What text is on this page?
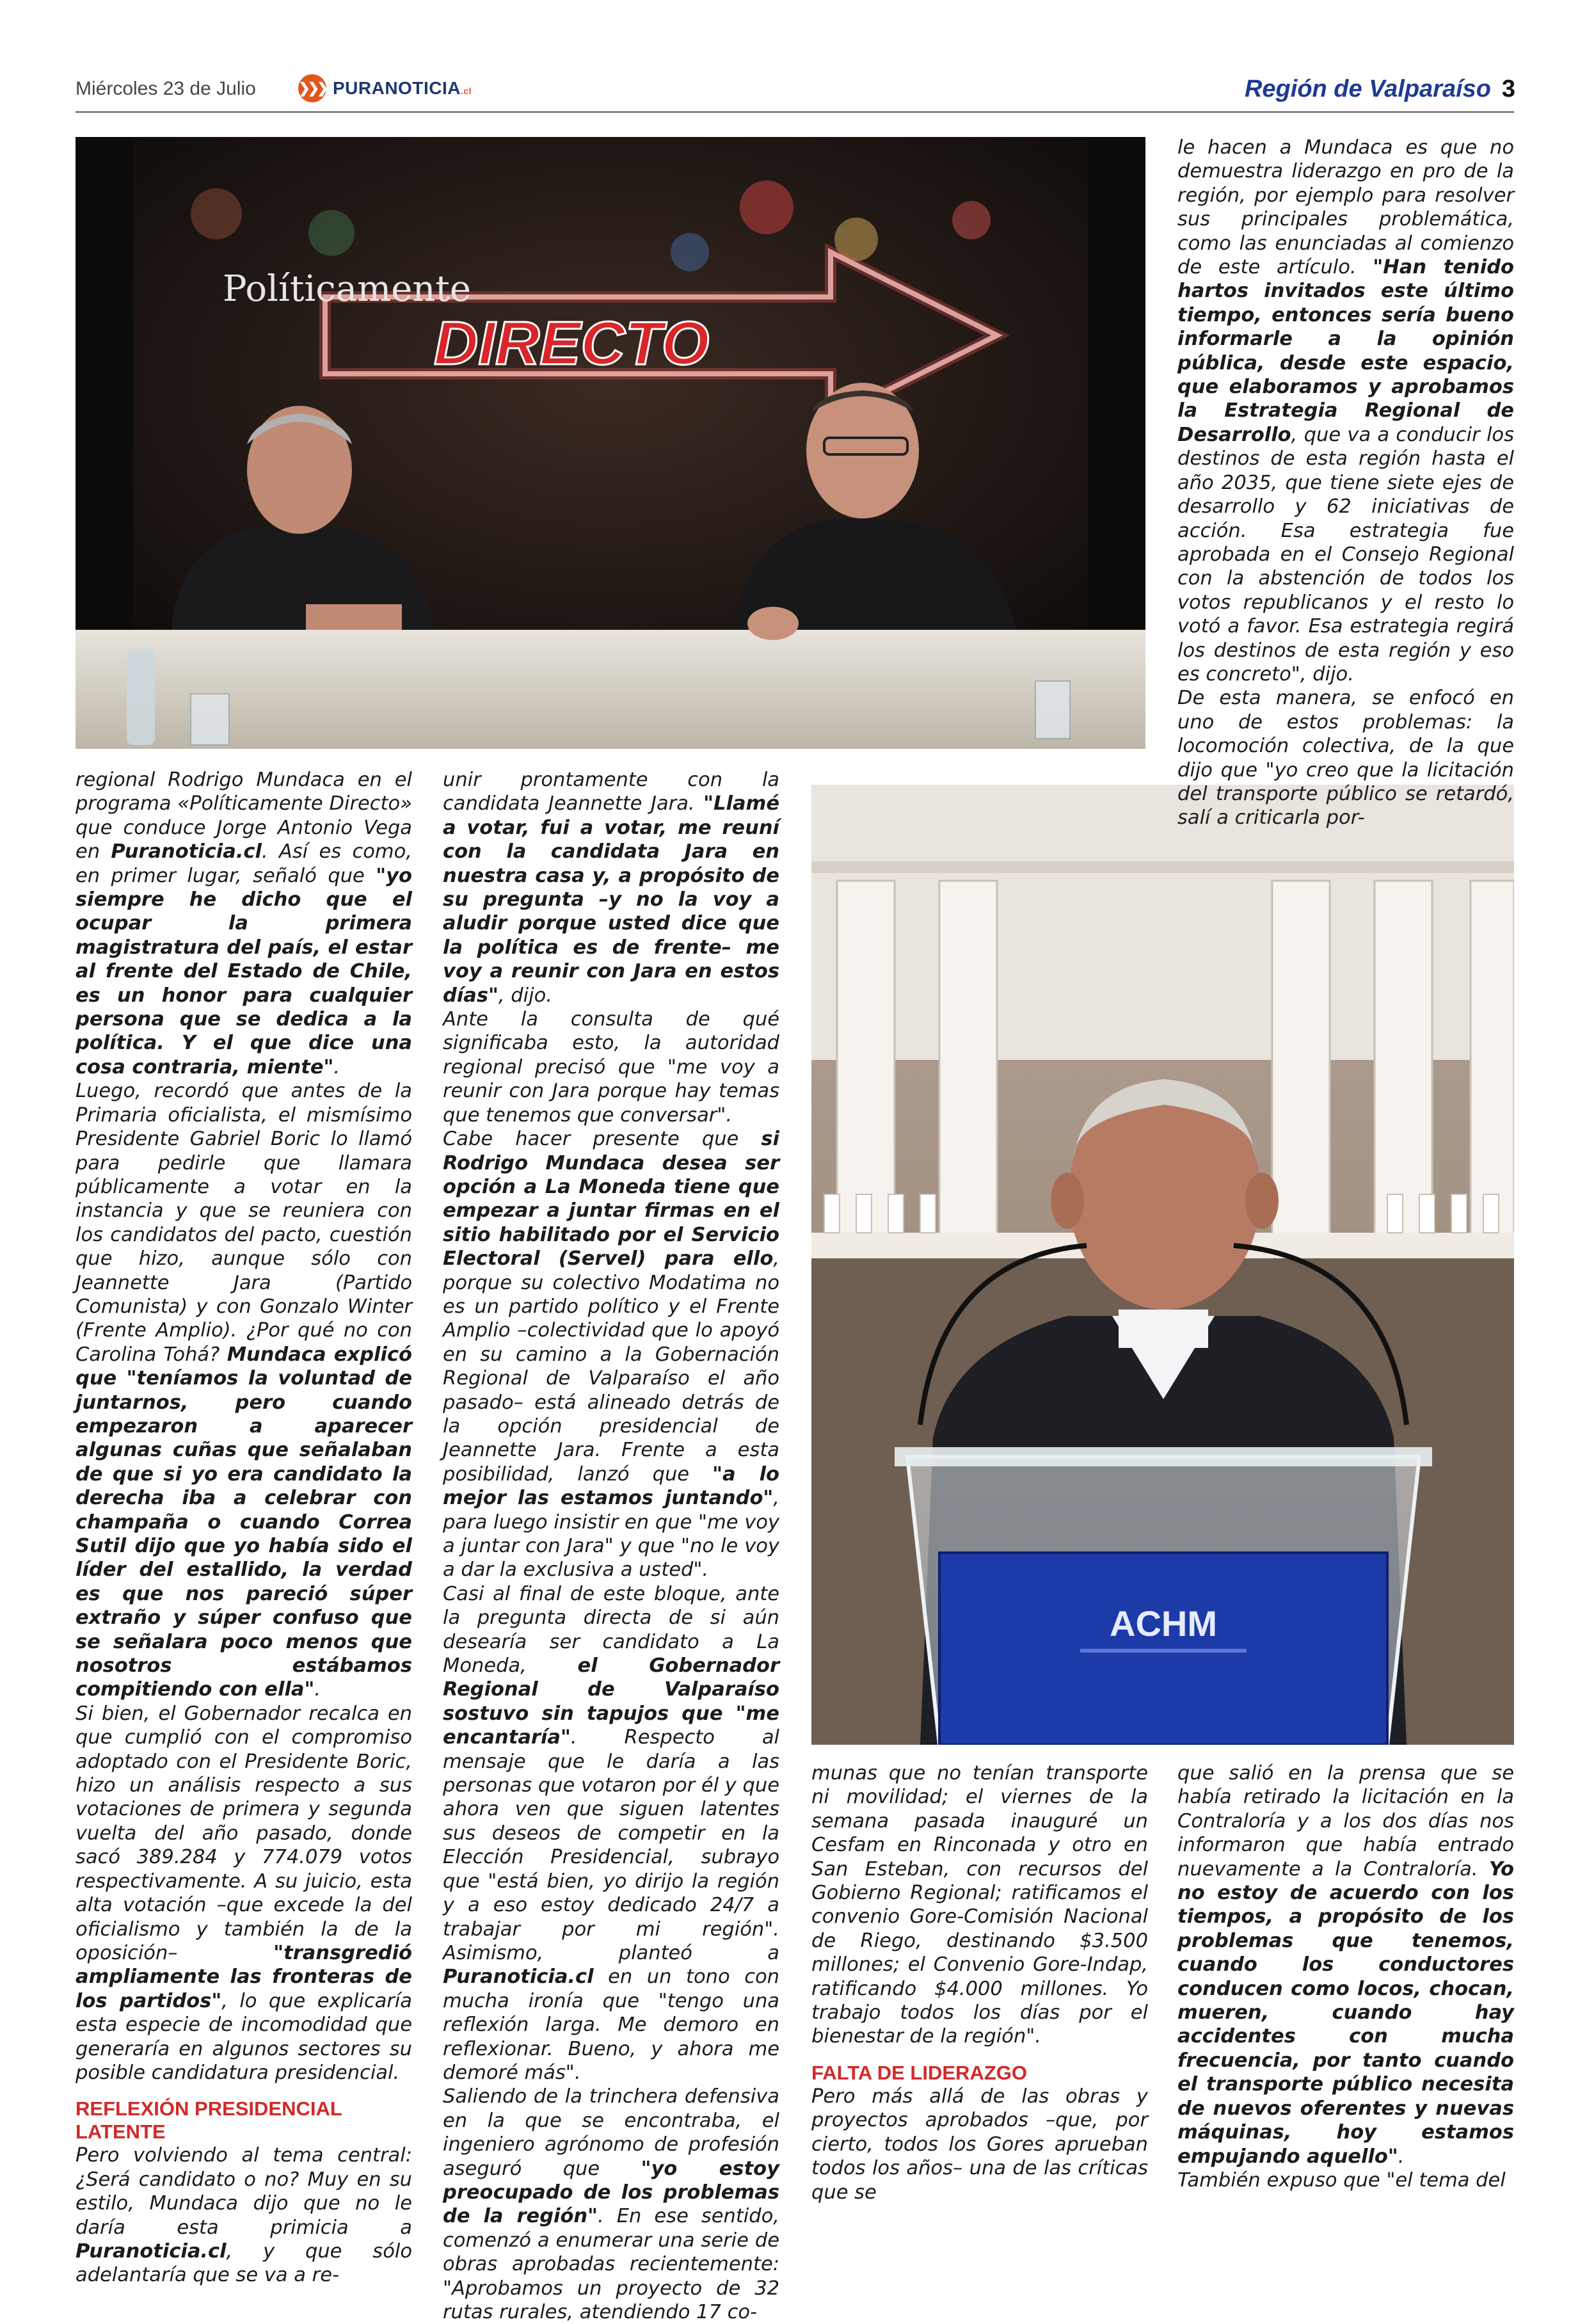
Miércoles 23 de Julio	❯❯❯ PURANOTICIA.cl	Región de Valparaíso 3
Políticamente
DIRECTO
ACHM

le hacen a Mundaca es que no demuestra liderazgo en pro de la región, por ejemplo para resolver sus principales problemática, como las enunciadas al comienzo de este artículo. "Han tenido hartos invitados este último tiempo, entonces sería bueno informarle a la opinión pública, desde este espacio, que elaboramos y aprobamos la Estrategia Regional de Desarrollo, que va a conducir los destinos de esta región hasta el año 2035, que tiene siete ejes de desarrollo y 62 iniciativas de acción. Esa estrategia fue aprobada en el Consejo Regional con la abstención de todos los votos republicanos y el resto lo votó a favor. Esa estrategia regirá los destinos de esta región y eso es concreto", dijo.
De esta manera, se enfocó en uno de estos problemas: la locomoción colectiva, de la que dijo que "yo creo que la licitación del transporte público se retardó, salí a criticarla por-

regional Rodrigo Mundaca en el programa «Políticamente Directo» que conduce Jorge Antonio Vega en Puranoticia.cl. Así es como, en primer lugar, señaló que "yo siempre he dicho que el ocupar la primera magistratura del país, el estar al frente del Estado de Chile, es un honor para cualquier persona que se dedica a la política. Y el que dice una cosa contraria, miente".
Luego, recordó que antes de la Primaria oficialista, el mismísimo Presidente Gabriel Boric lo llamó para pedirle que llamara públicamente a votar en la instancia y que se reuniera con los candidatos del pacto, cuestión que hizo, aunque sólo con Jeannette Jara (Partido Comunista) y con Gonzalo Winter (Frente Amplio). ¿Por qué no con Carolina Tohá? Mundaca explicó que "teníamos la voluntad de juntarnos, pero cuando empezaron a aparecer algunas cuñas que señalaban de que si yo era candidato la derecha iba a celebrar con champaña o cuando Correa Sutil dijo que yo había sido el líder del estallido, la verdad es que nos pareció súper extraño y súper confuso que se señalara poco menos que nosotros estábamos compitiendo con ella".
Si bien, el Gobernador recalca en que cumplió con el compromiso adoptado con el Presidente Boric, hizo un análisis respecto a sus votaciones de primera y segunda vuelta del año pasado, donde sacó 389.284 y 774.079 votos respectivamente. A su juicio, esta alta votación –que excede la del oficialismo y también la de la oposición– "transgredió ampliamente las fronteras de los partidos", lo que explicaría esta especie de incomodidad que generaría en algunos sectores su posible candidatura presidencial.

REFLEXIÓN PRESIDENCIAL LATENTE

Pero volviendo al tema central: ¿Será candidato o no? Muy en su estilo, Mundaca dijo que no le daría esta primicia a Puranoticia.cl, y que sólo adelantaría que se va a re-

unir prontamente con la candidata Jeannette Jara. "Llamé a votar, fui a votar, me reuní con la candidata Jara en nuestra casa y, a propósito de su pregunta –y no la voy a aludir porque usted dice que la política es de frente– me voy a reunir con Jara en estos días", dijo.
Ante la consulta de qué significaba esto, la autoridad regional precisó que "me voy a reunir con Jara porque hay temas que tenemos que conversar".
Cabe hacer presente que si Rodrigo Mundaca desea ser opción a La Moneda tiene que empezar a juntar firmas en el sitio habilitado por el Servicio Electoral (Servel) para ello, porque su colectivo Modatima no es un partido político y el Frente Amplio –colectividad que lo apoyó en su camino a la Gobernación Regional de Valparaíso el año pasado– está alineado detrás de la opción presidencial de Jeannette Jara. Frente a esta posibilidad, lanzó que "a lo mejor las estamos juntando", para luego insistir en que "me voy a juntar con Jara" y que "no le voy a dar la exclusiva a usted".
Casi al final de este bloque, ante la pregunta directa de si aún desearía ser candidato a La Moneda, el Gobernador Regional de Valparaíso sostuvo sin tapujos que "me encantaría". Respecto al mensaje que le daría a las personas que votaron por él y que ahora ven que siguen latentes sus deseos de competir en la Elección Presidencial, subrayo que "está bien, yo dirijo la región y a eso estoy dedicado 24/7 a trabajar por mi región". Asimismo, planteó a Puranoticia.cl en un tono con mucha ironía que "tengo una reflexión larga. Me demoro en reflexionar. Bueno, y ahora me demoré más".
Saliendo de la trinchera defensiva en la que se encontraba, el ingeniero agrónomo de profesión aseguró que "yo estoy preocupado de los problemas de la región". En ese sentido, comenzó a enumerar una serie de obras aprobadas recientemente: "Aprobamos un proyecto de 32 rutas rurales, atendiendo 17 co-

munas que no tenían transporte ni movilidad; el viernes de la semana pasada inauguré un Cesfam en Rinconada y otro en San Esteban, con recursos del Gobierno Regional; ratificamos el convenio Gore-Comisión Nacional de Riego, destinando $3.500 millones; el Convenio Gore-Indap, ratificando $4.000 millones. Yo trabajo todos los días por el bienestar de la región".

FALTA DE LIDERAZGO

Pero más allá de las obras y proyectos aprobados –que, por cierto, todos los Gores aprueban todos los años– una de las críticas que se

que salió en la prensa que se había retirado la licitación en la Contraloría y a los dos días nos informaron que había entrado nuevamente a la Contraloría. Yo no estoy de acuerdo con los tiempos, a propósito de los problemas que tenemos, cuando los conductores conducen como locos, chocan, mueren, cuando hay accidentes con mucha frecuencia, por tanto cuando el transporte público necesita de nuevos oferentes y nuevas máquinas, hoy estamos empujando aquello".
También expuso que "el tema del
